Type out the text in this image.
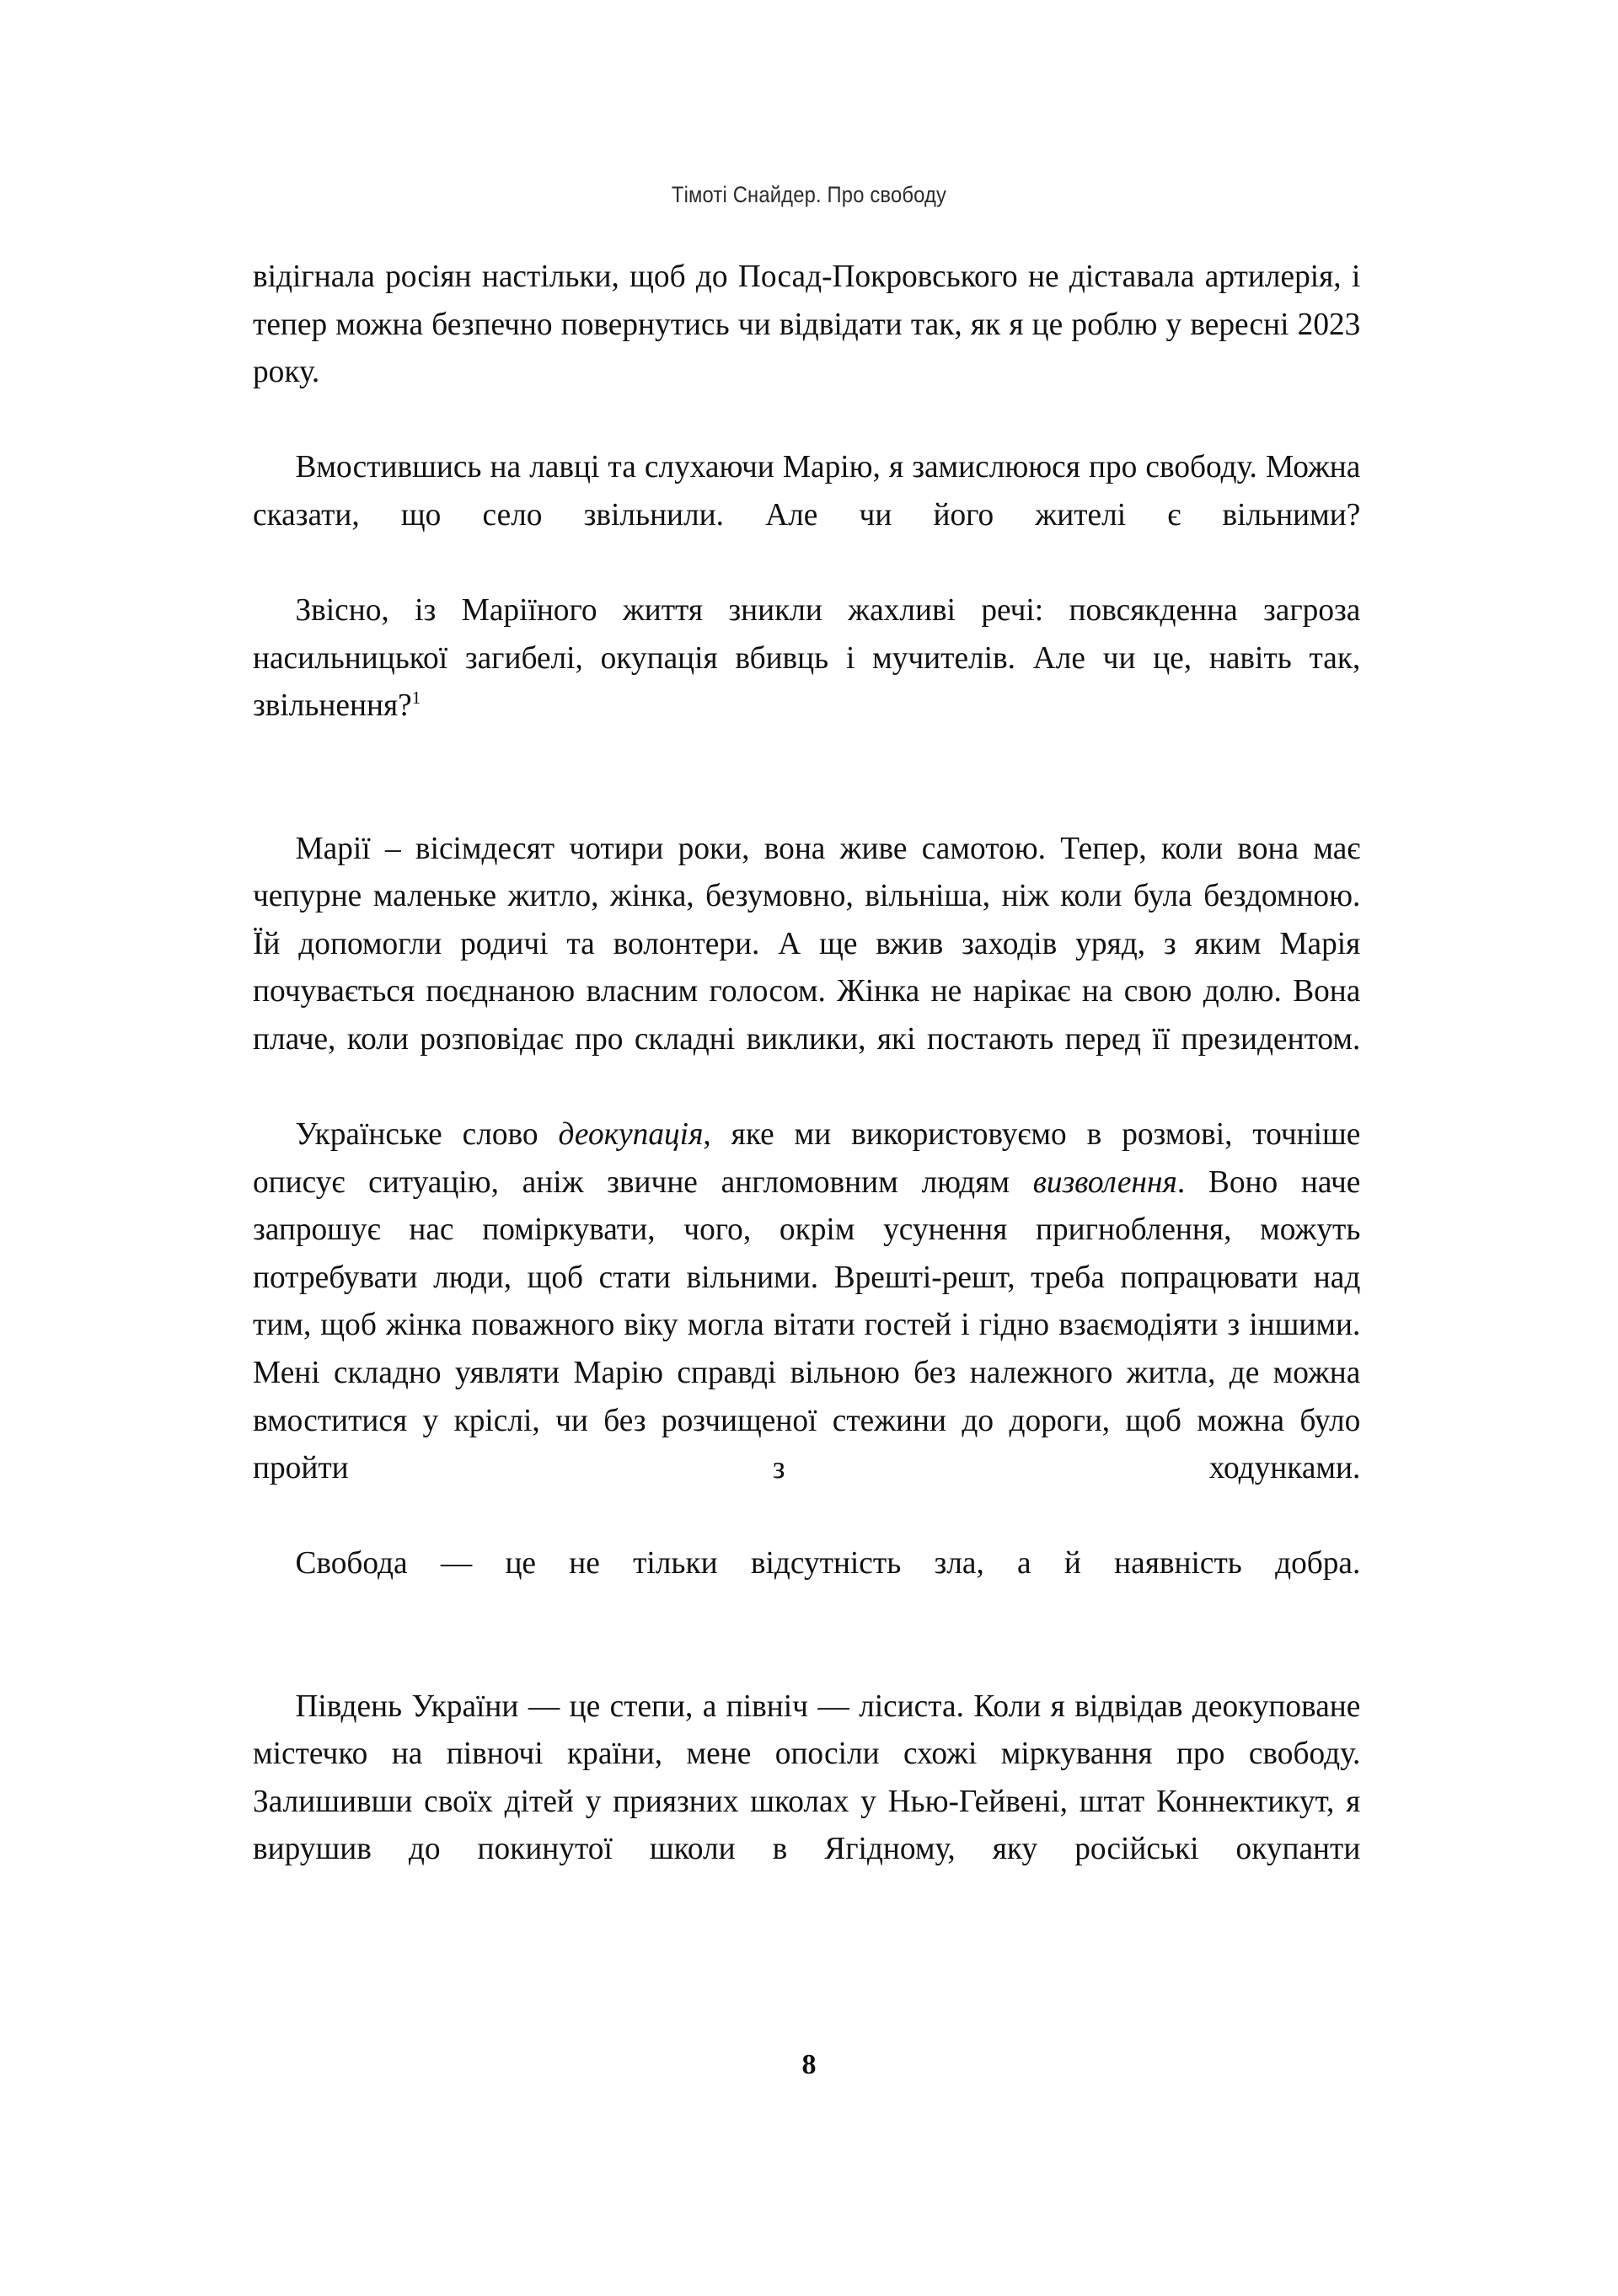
Тімоті Снайдер. Про свободу

відігнала росіян настільки, щоб до Посад-Покровського не діставала артилерія, і тепер можна безпечно повернутись чи відвідати так, як я це роблю у вересні 2023 року.

Вмостившись на лавці та слухаючи Марію, я замислююся про свободу. Можна сказати, що село звільнили. Але чи його жителі є вільними?

Звісно, із Маріїного життя зникли жахливі речі: повсякденна загроза насильницької загибелі, окупація вбивць і мучителів. Але чи це, навіть так, звільнення?$^1$

Марії – вісімдесят чотири роки, вона живе самотою. Тепер, коли вона має чепурне маленьке житло, жінка, безумовно, вільніша, ніж коли була бездомною. Їй допомогли родичі та волонтери. А ще вжив заходів уряд, з яким Марія почувається поєднаною власним голосом. Жінка не нарікає на свою долю. Вона плаче, коли розповідає про складні виклики, які постають перед її президентом.

Українське слово деокупація, яке ми використовуємо в розмові, точніше описує ситуацію, аніж звичне англомовним людям визволення. Воно наче запрошує нас поміркувати, чого, окрім усунення пригноблення, можуть потребувати люди, щоб стати вільними. Врешті-решт, треба попрацювати над тим, щоб жінка поважного віку могла вітати гостей і гідно взаємодіяти з іншими. Мені складно уявляти Марію справді вільною без належного житла, де можна вмоститися у кріслі, чи без розчищеної стежини до дороги, щоб можна було пройти з ходунками.

Свобода — це не тільки відсутність зла, а й наявність добра.

Південь України — це степи, а північ — лісиста. Коли я відвідав деокуповане містечко на півночі країни, мене опосіли схожі міркування про свободу. Залишивши своїх дітей у приязних школах у Нью-Гейвені, штат Коннектикут, я вирушив до покинутої школи в Ягідному, яку російські окупанти

8
